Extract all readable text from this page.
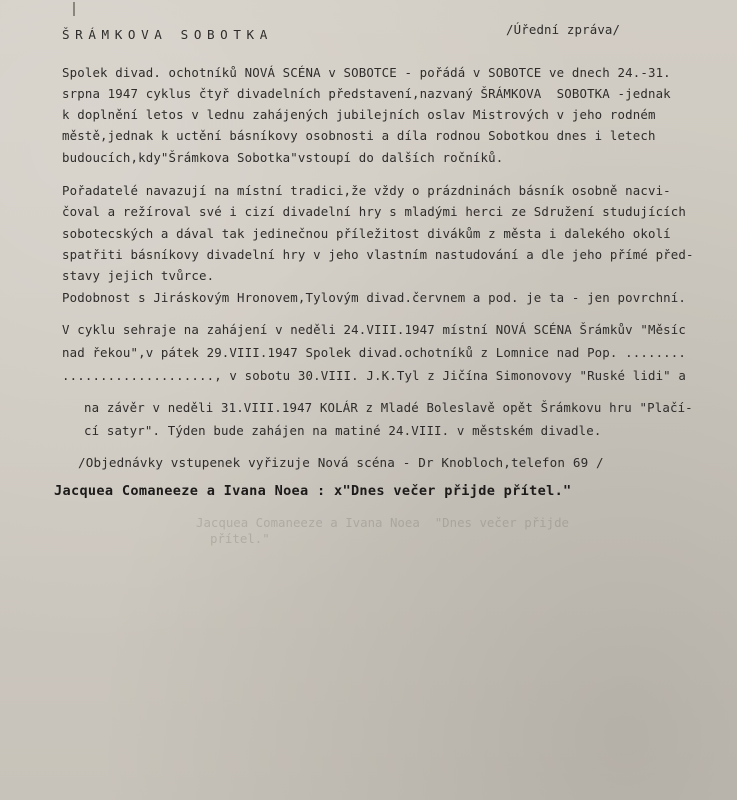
ŠRÁMKOVA SOBOTKA	/Úřední zpráva/
Spolek divad. ochotníků NOVÁ SCÉNA v SOBOTCE - pořádá v SOBOTCE ve dnech 24.-31.
srpna 1947 cyklus čtyř divadelních představení,nazvaný ŠRÁMKOVA  SOBOTKA -jednak
k doplnění letos v lednu zahájených jubilejních oslav Mistrových v jeho rodném
městě,jednak k uctění básníkovy osobnosti a díla rodnou Sobotkou dnes i letech
budoucích,kdy"Šrámkova Sobotka"vstoupí do dalších ročníků.
Pořadatelé navazují na místní tradici,že vždy o prázdninách básník osobně nacvi-
čoval a režíroval své i cizí divadelní hry s mladými herci ze Sdružení studujících
sobotecských a dával tak jedinečnou příležitost divákům z města i dalekého okolí
spatřiti básníkovy divadelní hry v jeho vlastním nastudování a dle jeho přímé před-
stavy jejich tvůrce.
Podobnost s Jiráskovým Hronovem,Tylovým divad.červnem a pod. je ta - jen povrchní.
V cyklu sehraje na zahájení v neděli 24.VIII.1947 místní NOVÁ SCÉNA Šrámkův "Měsíc
nad řekou",v pátek 29.VIII.1947 Spolek divad.ochotníků z Lomnice nad Pop. ........
...................., v sobotu 30.VIII. J.K.Tyl z Jičína Simonovovy "Ruské lidi" a
na závěr v neděli 31.VIII.1947 KOLÁR z Mladé Boleslavě opět Šrámkovu hru "Plačí-
cí satyr". Týden bude zahájen na matiné 24.VIII. v městském divadle.
/Objednávky vstupenek vyřizuje Nová scéna - Dr Knobloch,telefon 69 /
Jacquea Comaneeze a Ivana Noea : x"Dnes večer přijde přítel."
Jacquea Comaneeze a Ivana Noea  "Dnes večer přijde
přítel."
